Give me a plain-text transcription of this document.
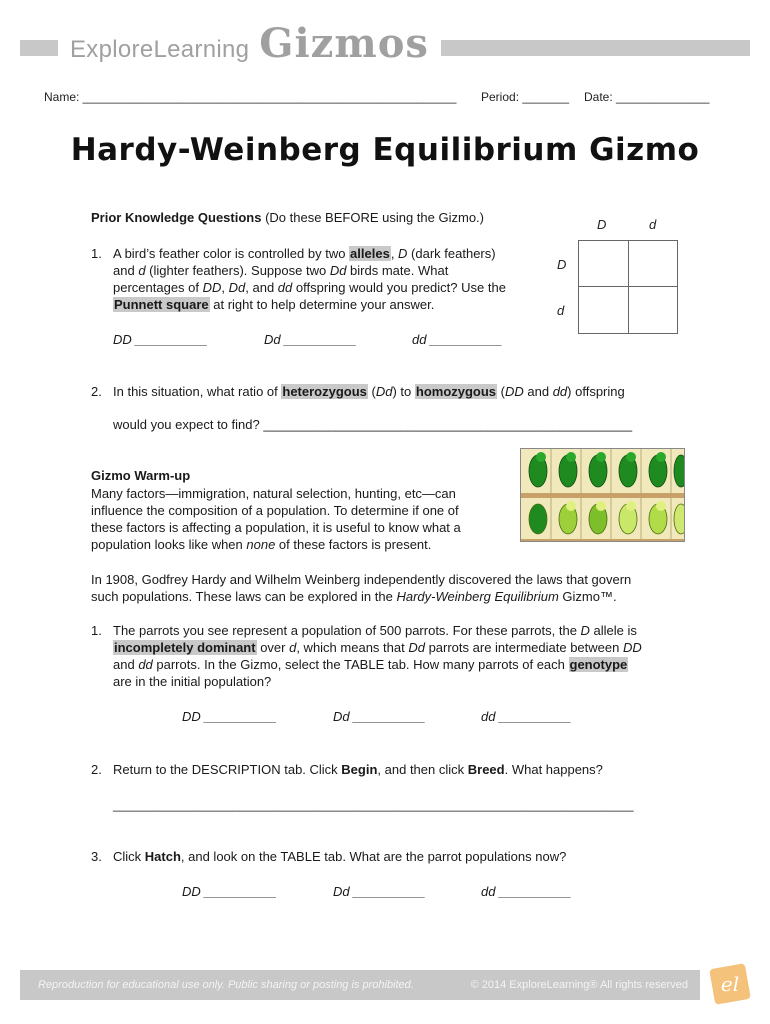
ExploreLearning Gizmos
Name: ________________________________________________________ Period: _______ Date: ______________
Hardy-Weinberg Equilibrium Gizmo

Prior Knowledge Questions (Do these BEFORE using the Gizmo.)

1. A bird’s feather color is controlled by two alleles, D (dark feathers)

and d (lighter feathers). Suppose two Dd birds mate. What

percentages of DD, Dd, and dd offspring would you predict? Use the

Punnett square at right to help determine your answer.

DD __________	Dd __________	dd __________

D	d
D
d

2. In this situation, what ratio of heterozygous (Dd) to homozygous (DD and dd) offspring

would you expect to find? ___________________________________________________

Gizmo Warm-up

Many factors—immigration, natural selection, hunting, etc—can

influence the composition of a population. To determine if one of

these factors is affecting a population, it is useful to know what a

population looks like when none of these factors is present.

In 1908, Godfrey Hardy and Wilhelm Weinberg independently discovered the laws that govern

such populations. These laws can be explored in the Hardy-Weinberg Equilibrium Gizmo™.

1. The parrots you see represent a population of 500 parrots. For these parrots, the D allele is

incompletely dominant over d, which means that Dd parrots are intermediate between DD

and dd parrots. In the Gizmo, select the TABLE tab. How many parrots of each genotype

are in the initial population?

DD __________	Dd __________	dd __________

2. Return to the DESCRIPTION tab. Click Begin, and then click Breed. What happens?

______________________________________________________________________________

3. Click Hatch, and look on the TABLE tab. What are the parrot populations now?

DD __________	Dd __________	dd __________

Reproduction for educational use only. Public sharing or posting is prohibited.	© 2014 ExploreLearning® All rights reserved el
